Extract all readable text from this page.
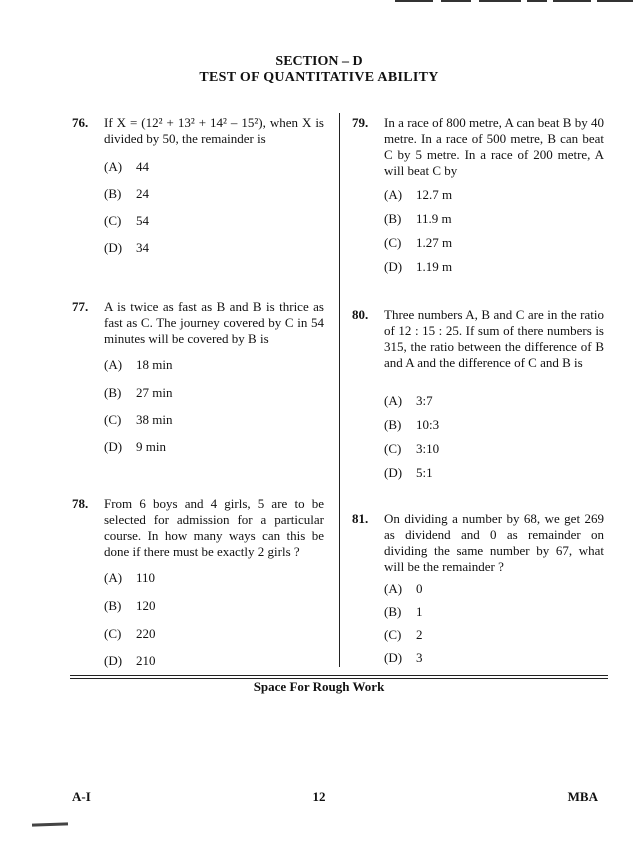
SECTION – D
TEST OF QUANTITATIVE ABILITY
76. If X = (12² + 13² + 14² – 15²), when X is divided by 50, the remainder is
(A) 44
(B) 24
(C) 54
(D) 34
77. A is twice as fast as B and B is thrice as fast as C. The journey covered by C in 54 minutes will be covered by B is
(A) 18 min
(B) 27 min
(C) 38 min
(D) 9 min
78. From 6 boys and 4 girls, 5 are to be selected for admission for a particular course. In how many ways can this be done if there must be exactly 2 girls ?
(A) 110
(B) 120
(C) 220
(D) 210
79. In a race of 800 metre, A can beat B by 40 metre. In a race of 500 metre, B can beat C by 5 metre. In a race of 200 metre, A will beat C by
(A) 12.7 m
(B) 11.9 m
(C) 1.27 m
(D) 1.19 m
80. Three numbers A, B and C are in the ratio of 12 : 15 : 25. If sum of there numbers is 315, the ratio between the difference of B and A and the difference of C and B is
(A) 3:7
(B) 10:3
(C) 3:10
(D) 5:1
81. On dividing a number by 68, we get 269 as dividend and 0 as remainder on dividing the same number by 67, what will be the remainder ?
(A) 0
(B) 1
(C) 2
(D) 3
Space For Rough Work
A-I	12	MBA
